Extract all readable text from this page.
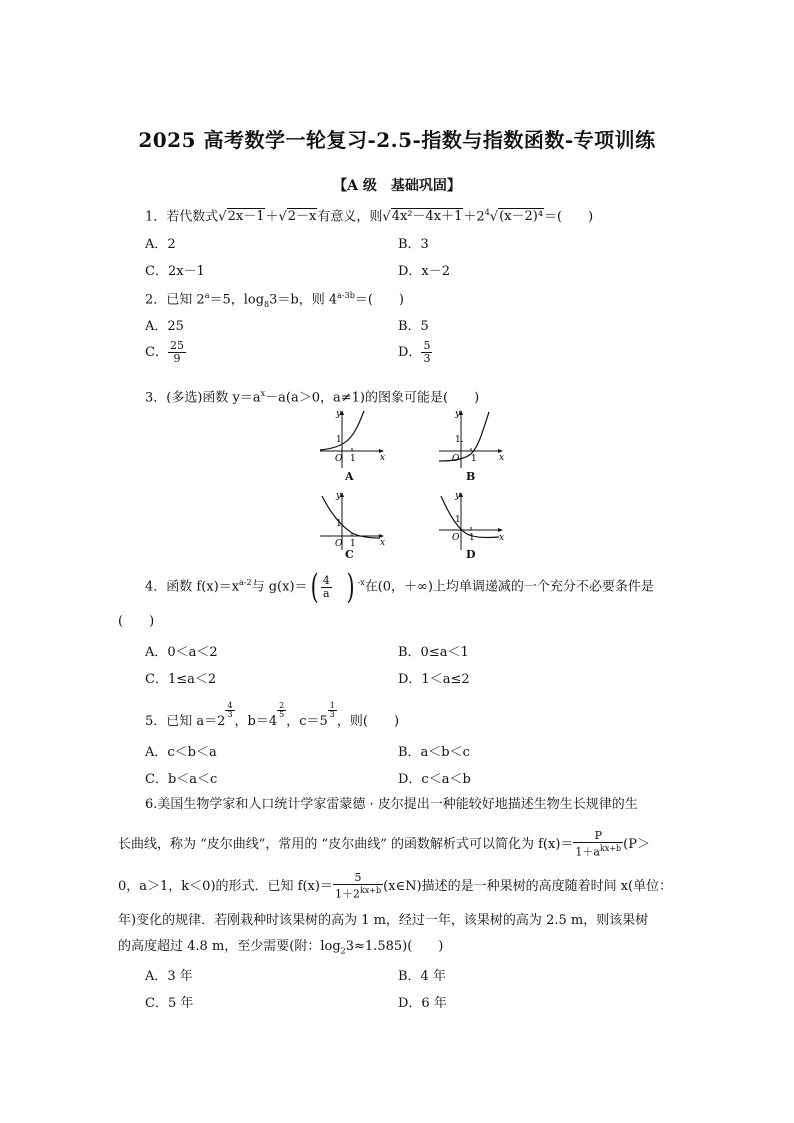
2025 高考数学一轮复习-2.5-指数与指数函数-专项训练
【A 级　基础巩固】
1．若代数式√2x－1＋√2－x有意义，则$√4x^2-4x+1+2^4√(x-2)^4=$(　　)
A．2	B．3
C．2x－1	D．x－2
2．已知 $2^a=5$，$\log_83=b$，则 $4^{a-3b}=$(　　)
A．25	B．5
C． $\frac{25}{9}$	D． $\frac{5}{3}$
3．(多选)函数 $y=a^x-a(a>0$，a≠1)的图象可能是(　　)
y
x
O
1
1
A
y
x
O
1.
1
B
y
x
O
1
1
C
y
x
O
1
1
D
4．函数 $f(x)=x^{a-2}$与 $g(x)=( \frac{4}{a}$ ) $^{-x}$在(0，＋∞)上均单调递减的一个充分不必要条件是
(　　)
A．0＜a＜2	B．0≤a＜1
C．1≤a＜2	D．1＜a≤2
5．已知 a＝2
$\frac{4}{3}$
，b＝4
$\frac{2}{5}$
，c＝5
$\frac{1}{3}$
，则(　　)
A．c＜b＜a	B．a＜b＜c
C．b＜a＜c	D．c＜a＜b
6.美国生物学家和人口统计学家雷蒙德 · 皮尔提出一种能较好地描述生物生长规律的生
长曲线，称为 “皮尔曲线”，常用的 “皮尔曲线” 的函数解析式可以简化为 $f(x)= \frac{P}{1+a^{kx+b}} (P>$
0，a＞1，k＜0)的形式．已知 $f(x)= \frac{5}{1+2^{kx+b}}$ (x∈N)描述的是一种果树的高度随着时间 x(单位：
年)变化的规律．若刚栽种时该果树的高为 1 m，经过一年，该果树的高为 2.5 m，则该果树
的高度超过 4.8 m，至少需要(附：$\log_23\approx 1.585$)(　　)
A．3 年	B．4 年
C．5 年	D．6 年
